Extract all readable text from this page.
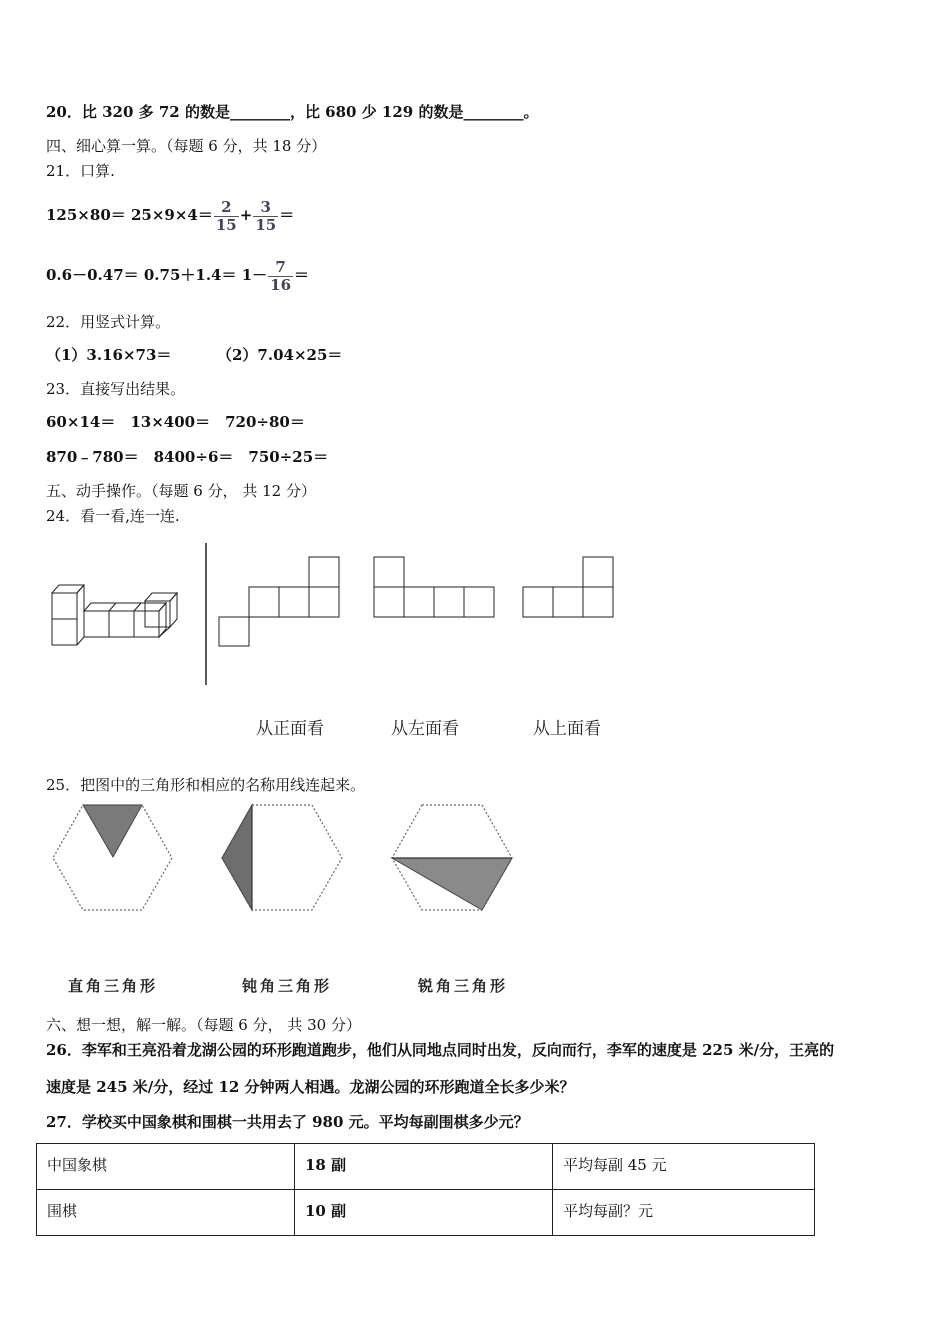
20．比 320 多 72 的数是________，比 680 少 129 的数是________。
四、细心算一算。（每题 6 分，共 18 分）
21．口算.
$125\times 80= 25\times 9\times 4= \frac{2}{15} + \frac{3}{15}$ ＝
$0.6-0.47= 0.75+1.4= 1- \frac{7}{16}$ ＝
22．用竖式计算。
（1）3.16×73＝	（2）7.04×25＝
23．直接写出结果。
60×14＝　13×400＝　720÷80＝
870﹣780＝　8400÷6＝　750÷25＝
五、动手操作。（每题 6 分， 共 12 分）
24．看一看,连一连.
从正面看	从左面看	从上面看
25．把图中的三角形和相应的名称用线连起来。
直角三角形	钝角三角形	锐角三角形
六、想一想，解一解。（每题 6 分， 共 30 分）
26．李军和王亮沿着龙湖公园的环形跑道跑步，他们从同地点同时出发，反向而行，李军的速度是 225 米/分，王亮的
速度是 245 米/分，经过 12 分钟两人相遇。龙湖公园的环形跑道全长多少米？
27．学校买中国象棋和围棋一共用去了 980 元。平均每副围棋多少元？
中国象棋	18 副	平均每副 45 元
围棋	10 副	平均每副？元
